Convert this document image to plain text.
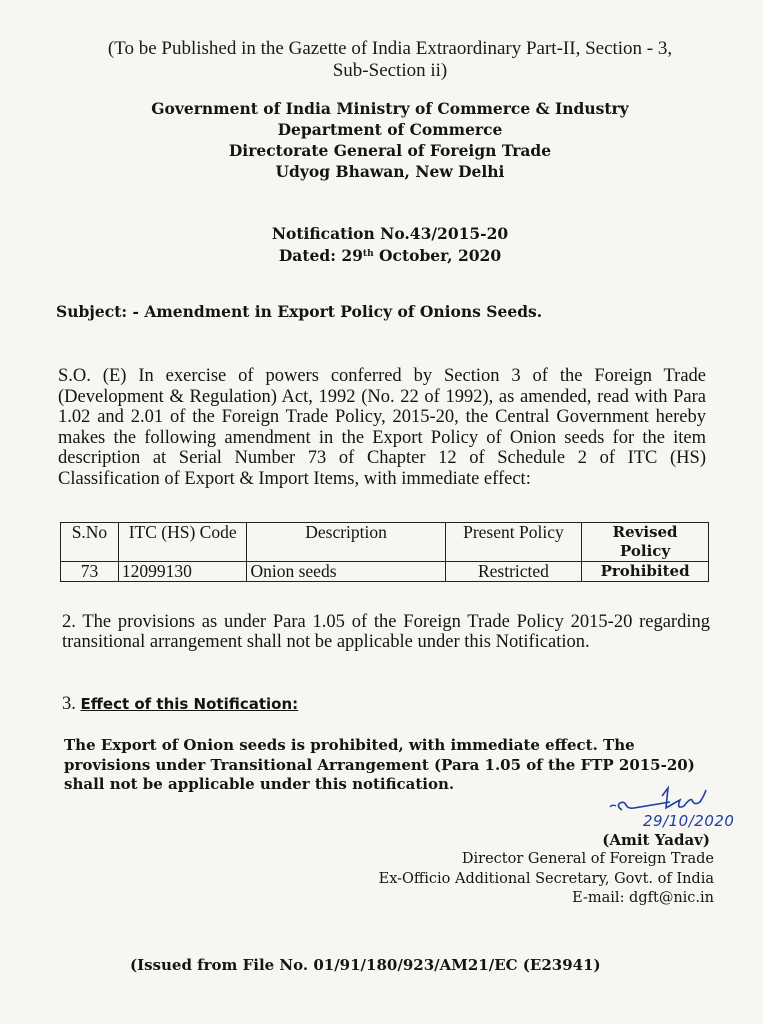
(To be Published in the Gazette of India Extraordinary Part-II, Section - 3,
Sub-Section ii)
Government of India Ministry of Commerce & Industry
Department of Commerce
Directorate General of Foreign Trade
Udyog Bhawan, New Delhi
Notification No.43/2015-20
Dated: 29th October, 2020
Subject: - Amendment in Export Policy of Onions Seeds.
S.O. (E) In exercise of powers conferred by Section 3 of the Foreign Trade (Development & Regulation) Act, 1992 (No. 22 of 1992), as amended, read with Para 1.02 and 2.01 of the Foreign Trade Policy, 2015-20, the Central Government hereby makes the following amendment in the Export Policy of Onion seeds for the item description at Serial Number 73 of Chapter 12 of Schedule 2 of ITC (HS) Classification of Export & Import Items, with immediate effect:
S.No	ITC (HS) Code	Description	Present Policy	Revised Policy
73	12099130	Onion seeds	Restricted	Prohibited
2. The provisions as under Para 1.05 of the Foreign Trade Policy 2015-20 regarding transitional arrangement shall not be applicable under this Notification.
3. Effect of this Notification:
The Export of Onion seeds is prohibited, with immediate effect. The provisions under Transitional Arrangement (Para 1.05 of the FTP 2015-20) shall not be applicable under this notification.
29/10/2020
(Amit Yadav)
Director General of Foreign Trade
Ex-Officio Additional Secretary, Govt. of India
E-mail: dgft@nic.in
(Issued from File No. 01/91/180/923/AM21/EC (E23941)
